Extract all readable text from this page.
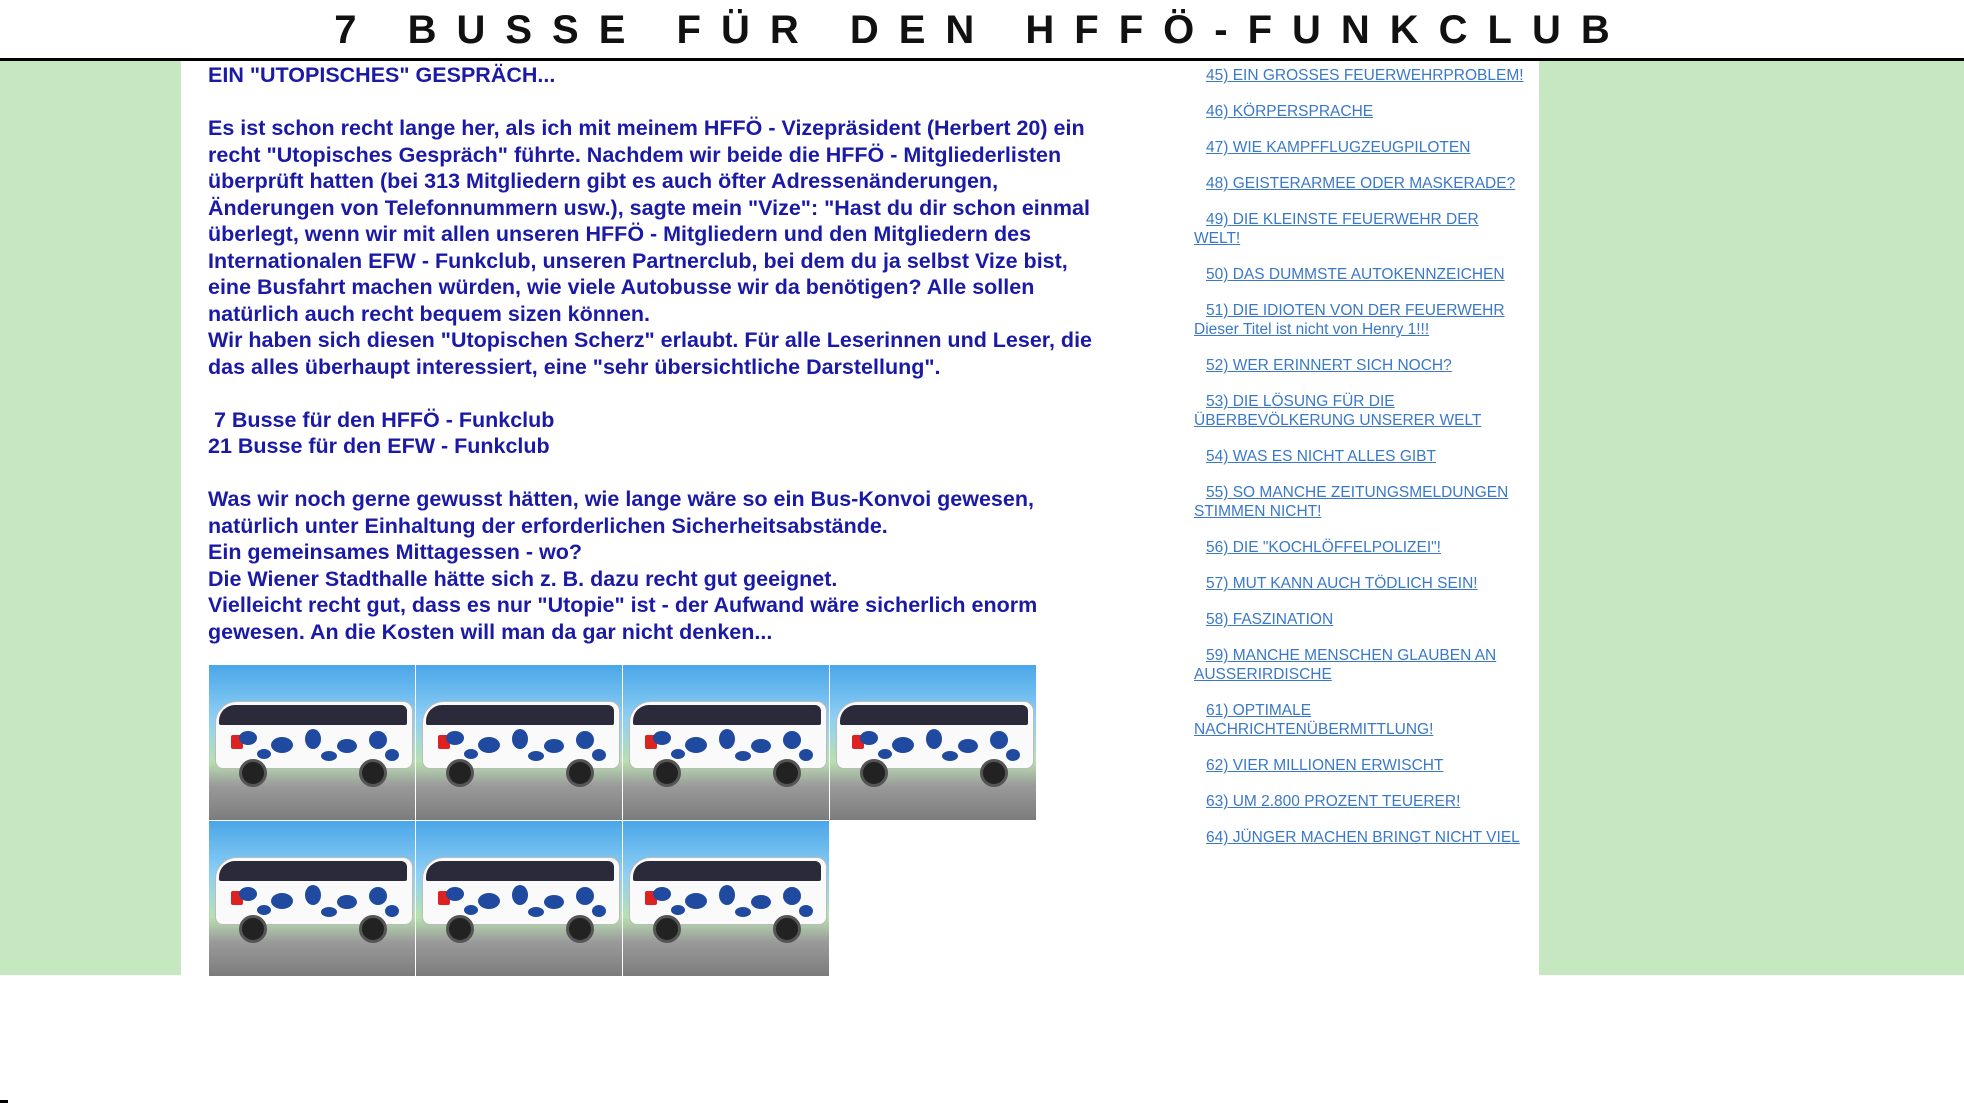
7 BUSSE FÜR DEN HFFÖ-FUNKCLUB

EIN "UTOPISCHES" GESPRÄCH...

Es ist schon recht lange her, als ich mit meinem HFFÖ - Vizepräsident (Herbert 20) ein
recht "Utopisches Gespräch" führte. Nachdem wir beide die HFFÖ - Mitgliederlisten
überprüft hatten (bei 313 Mitgliedern gibt es auch öfter Adressenänderungen,
Änderungen von Telefonnummern usw.), sagte mein "Vize": "Hast du dir schon einmal
überlegt, wenn wir mit allen unseren HFFÖ - Mitgliedern und den Mitgliedern des
Internationalen EFW - Funkclub, unseren Partnerclub, bei dem du ja selbst Vize bist,
eine Busfahrt machen würden, wie viele Autobusse wir da benötigen? Alle sollen
natürlich auch recht bequem sizen können.
Wir haben sich diesen "Utopischen Scherz" erlaubt. Für alle Leserinnen und Leser, die
das alles überhaupt interessiert, eine "sehr übersichtliche Darstellung".

7 Busse für den HFFÖ - Funkclub

21 Busse für den EFW - Funkclub

Was wir noch gerne gewusst hätten, wie lange wäre so ein Bus-Konvoi gewesen,
natürlich unter Einhaltung der erforderlichen Sicherheitsabstände.
Ein gemeinsames Mittagessen - wo?
Die Wiener Stadthalle hätte sich z. B. dazu recht gut geeignet.
Vielleicht recht gut, dass es nur "Utopie" ist - der Aufwand wäre sicherlich enorm
gewesen. An die Kosten will man da gar nicht denken...

45) EIN GROSSES FEUERWEHRPROBLEM!
46) KÖRPERSPRACHE
47) WIE KAMPFFLUGZEUGPILOTEN
48) GEISTERARMEE ODER MASKERADE?
49) DIE KLEINSTE FEUERWEHR DER WELT!
50) DAS DUMMSTE AUTOKENNZEICHEN
51) DIE IDIOTEN VON DER FEUERWEHR Dieser Titel ist nicht von Henry 1!!!
52) WER ERINNERT SICH NOCH?
53) DIE LÖSUNG FÜR DIE ÜBERBEVÖLKERUNG UNSERER WELT
54) WAS ES NICHT ALLES GIBT
55) SO MANCHE ZEITUNGSMELDUNGEN STIMMEN NICHT!
56) DIE "KOCHLÖFFELPOLIZEI"!
57) MUT KANN AUCH TÖDLICH SEIN!
58) FASZINATION
59) MANCHE MENSCHEN GLAUBEN AN AUSSERIRDISCHE
61) OPTIMALE NACHRICHTENÜBERMITTLUNG!
62) VIER MILLIONEN ERWISCHT
63) UM 2.800 PROZENT TEUERER!
64) JÜNGER MACHEN BRINGT NICHT VIEL
